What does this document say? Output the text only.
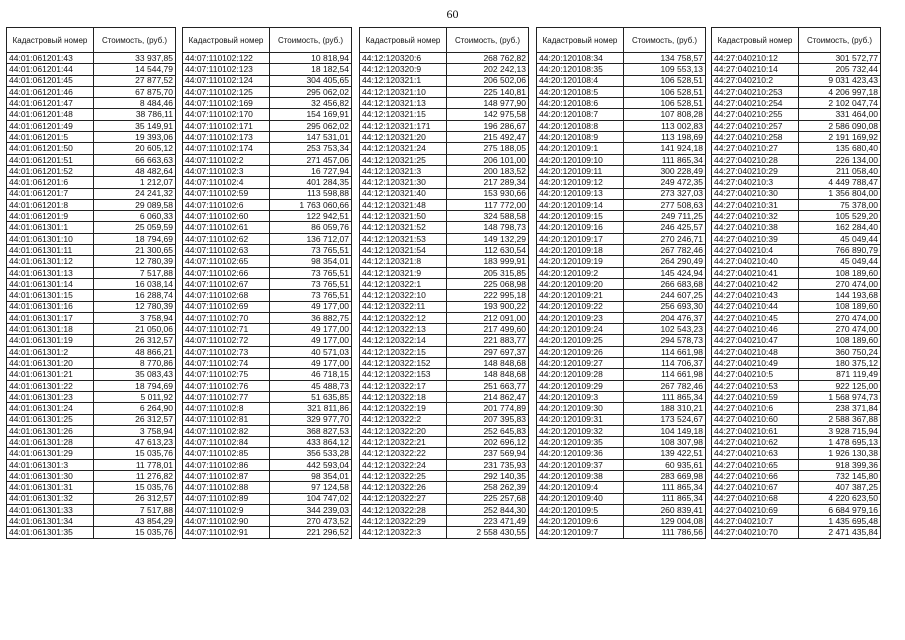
60
Кадастровый номер	Стоимость, (руб.)
44:01:061201:43	33 937,85
44:01:061201:44	14 544,79
44:01:061201:45	27 877,52
44:01:061201:46	67 875,70
44:01:061201:47	8 484,46
44:01:061201:48	38 786,11
44:01:061201:49	35 149,91
44:01:061201:5	19 393,06
44:01:061201:50	20 605,12
44:01:061201:51	66 663,63
44:01:061201:52	48 482,64
44:01:061201:6	1 212,07
44:01:061201:7	24 241,32
44:01:061201:8	29 089,58
44:01:061201:9	6 060,33
44:01:061301:1	25 059,59
44:01:061301:10	18 794,69
44:01:061301:11	21 300,65
44:01:061301:12	12 780,39
44:01:061301:13	7 517,88
44:01:061301:14	16 038,14
44:01:061301:15	16 288,74
44:01:061301:16	12 780,39
44:01:061301:17	3 758,94
44:01:061301:18	21 050,06
44:01:061301:19	26 312,57
44:01:061301:2	48 866,21
44:01:061301:20	8 770,86
44:01:061301:21	35 083,43
44:01:061301:22	18 794,69
44:01:061301:23	5 011,92
44:01:061301:24	6 264,90
44:01:061301:25	26 312,57
44:01:061301:26	3 758,94
44:01:061301:28	47 613,23
44:01:061301:29	15 035,76
44:01:061301:3	11 778,01
44:01:061301:30	11 276,82
44:01:061301:31	15 035,76
44:01:061301:32	26 312,57
44:01:061301:33	7 517,88
44:01:061301:34	43 854,29
44:01:061301:35	15 035,76
Кадастровый номер	Стоимость, (руб.)
44:07:110102:122	10 818,94
44:07:110102:123	18 182,54
44:07:110102:124	304 405,65
44:07:110102:125	295 062,02
44:07:110102:169	32 456,82
44:07:110102:170	154 169,91
44:07:110102:171	295 062,02
44:07:110102:173	147 531,01
44:07:110102:174	253 753,34
44:07:110102:2	271 457,06
44:07:110102:3	16 727,94
44:07:110102:4	401 284,35
44:07:110102:59	113 598,88
44:07:110102:6	1 763 060,66
44:07:110102:60	122 942,51
44:07:110102:61	86 059,76
44:07:110102:62	136 712,07
44:07:110102:63	73 765,51
44:07:110102:65	98 354,01
44:07:110102:66	73 765,51
44:07:110102:67	73 765,51
44:07:110102:68	73 765,51
44:07:110102:69	49 177,00
44:07:110102:70	36 882,75
44:07:110102:71	49 177,00
44:07:110102:72	49 177,00
44:07:110102:73	40 571,03
44:07:110102:74	49 177,00
44:07:110102:75	46 718,15
44:07:110102:76	45 488,73
44:07:110102:77	51 635,85
44:07:110102:8	321 811,86
44:07:110102:81	329 977,70
44:07:110102:82	368 827,53
44:07:110102:84	433 864,12
44:07:110102:85	356 533,28
44:07:110102:86	442 593,04
44:07:110102:87	98 354,01
44:07:110102:88	97 124,58
44:07:110102:89	104 747,02
44:07:110102:9	344 239,03
44:07:110102:90	270 473,52
44:07:110102:91	221 296,52
Кадастровый номер	Стоимость, (руб.)
44:12:120320:6	268 762,82
44:12:120320:9	202 242,13
44:12:120321:1	206 502,06
44:12:120321:10	225 140,81
44:12:120321:13	148 977,90
44:12:120321:15	142 975,58
44:12:120321:171	196 286,67
44:12:120321:20	215 492,47
44:12:120321:24	275 188,05
44:12:120321:25	206 101,00
44:12:120321:3	200 183,52
44:12:120321:30	217 289,34
44:12:120321:40	153 930,66
44:12:120321:48	117 772,00
44:12:120321:50	324 588,58
44:12:120321:52	148 798,73
44:12:120321:53	149 132,29
44:12:120321:54	112 630,54
44:12:120321:8	183 999,91
44:12:120321:9	205 315,85
44:12:120322:1	225 068,98
44:12:120322:10	222 995,18
44:12:120322:11	193 900,22
44:12:120322:12	212 091,00
44:12:120322:13	217 499,60
44:12:120322:14	221 883,77
44:12:120322:15	297 697,37
44:12:120322:152	148 848,68
44:12:120322:153	148 848,68
44:12:120322:17	251 663,77
44:12:120322:18	214 862,47
44:12:120322:19	201 774,89
44:12:120322:2	207 395,83
44:12:120322:20	252 645,83
44:12:120322:21	202 696,12
44:12:120322:22	237 569,94
44:12:120322:24	231 735,93
44:12:120322:25	292 140,35
44:12:120322:26	258 262,39
44:12:120322:27	225 257,68
44:12:120322:28	252 844,30
44:12:120322:29	223 471,49
44:12:120322:3	2 558 430,55
Кадастровый номер	Стоимость, (руб.)
44:20:120108:34	134 758,57
44:20:120108:35	109 553,13
44:20:120108:4	106 528,51
44:20:120108:5	106 528,51
44:20:120108:6	106 528,51
44:20:120108:7	107 808,28
44:20:120108:8	113 002,83
44:20:120108:9	113 198,69
44:20:120109:1	141 924,18
44:20:120109:10	111 865,34
44:20:120109:11	300 228,49
44:20:120109:12	249 472,35
44:20:120109:13	273 327,03
44:20:120109:14	277 508,63
44:20:120109:15	249 711,25
44:20:120109:16	246 425,57
44:20:120109:17	270 246,71
44:20:120109:18	267 782,46
44:20:120109:19	264 290,49
44:20:120109:2	145 424,94
44:20:120109:20	266 683,68
44:20:120109:21	244 607,25
44:20:120109:22	256 693,30
44:20:120109:23	204 476,37
44:20:120109:24	102 543,23
44:20:120109:25	294 578,73
44:20:120109:26	114 661,98
44:20:120109:27	114 706,37
44:20:120109:28	114 661,98
44:20:120109:29	267 782,46
44:20:120109:3	111 865,34
44:20:120109:30	188 310,21
44:20:120109:31	173 524,67
44:20:120109:32	104 149,18
44:20:120109:35	108 307,98
44:20:120109:36	139 422,51
44:20:120109:37	60 935,61
44:20:120109:38	283 669,98
44:20:120109:4	111 865,34
44:20:120109:40	111 865,34
44:20:120109:5	260 839,41
44:20:120109:6	129 004,08
44:20:120109:7	111 786,56
Кадастровый номер	Стоимость, (руб.)
44:27:040210:12	301 572,77
44:27:040210:14	205 732,44
44:27:040210:2	9 031 423,43
44:27:040210:253	4 206 997,18
44:27:040210:254	2 102 047,74
44:27:040210:255	331 464,00
44:27:040210:257	2 586 090,08
44:27:040210:258	2 191 169,92
44:27:040210:27	135 680,40
44:27:040210:28	226 134,00
44:27:040210:29	211 058,40
44:27:040210:3	4 449 788,47
44:27:040210:30	1 356 804,00
44:27:040210:31	75 378,00
44:27:040210:32	105 529,20
44:27:040210:38	162 284,40
44:27:040210:39	45 049,44
44:27:040210:4	766 890,79
44:27:040210:40	45 049,44
44:27:040210:41	108 189,60
44:27:040210:42	270 474,00
44:27:040210:43	144 193,68
44:27:040210:44	108 189,60
44:27:040210:45	270 474,00
44:27:040210:46	270 474,00
44:27:040210:47	108 189,60
44:27:040210:48	360 750,24
44:27:040210:49	180 375,12
44:27:040210:5	871 119,49
44:27:040210:53	922 125,00
44:27:040210:59	1 568 974,73
44:27:040210:6	238 371,84
44:27:040210:60	2 588 367,88
44:27:040210:61	3 928 715,94
44:27:040210:62	1 478 695,13
44:27:040210:63	1 926 130,38
44:27:040210:65	918 399,36
44:27:040210:66	732 145,80
44:27:040210:67	407 387,25
44:27:040210:68	4 220 623,50
44:27:040210:69	6 684 979,16
44:27:040210:7	1 435 695,48
44:27:040210:70	2 471 435,84
